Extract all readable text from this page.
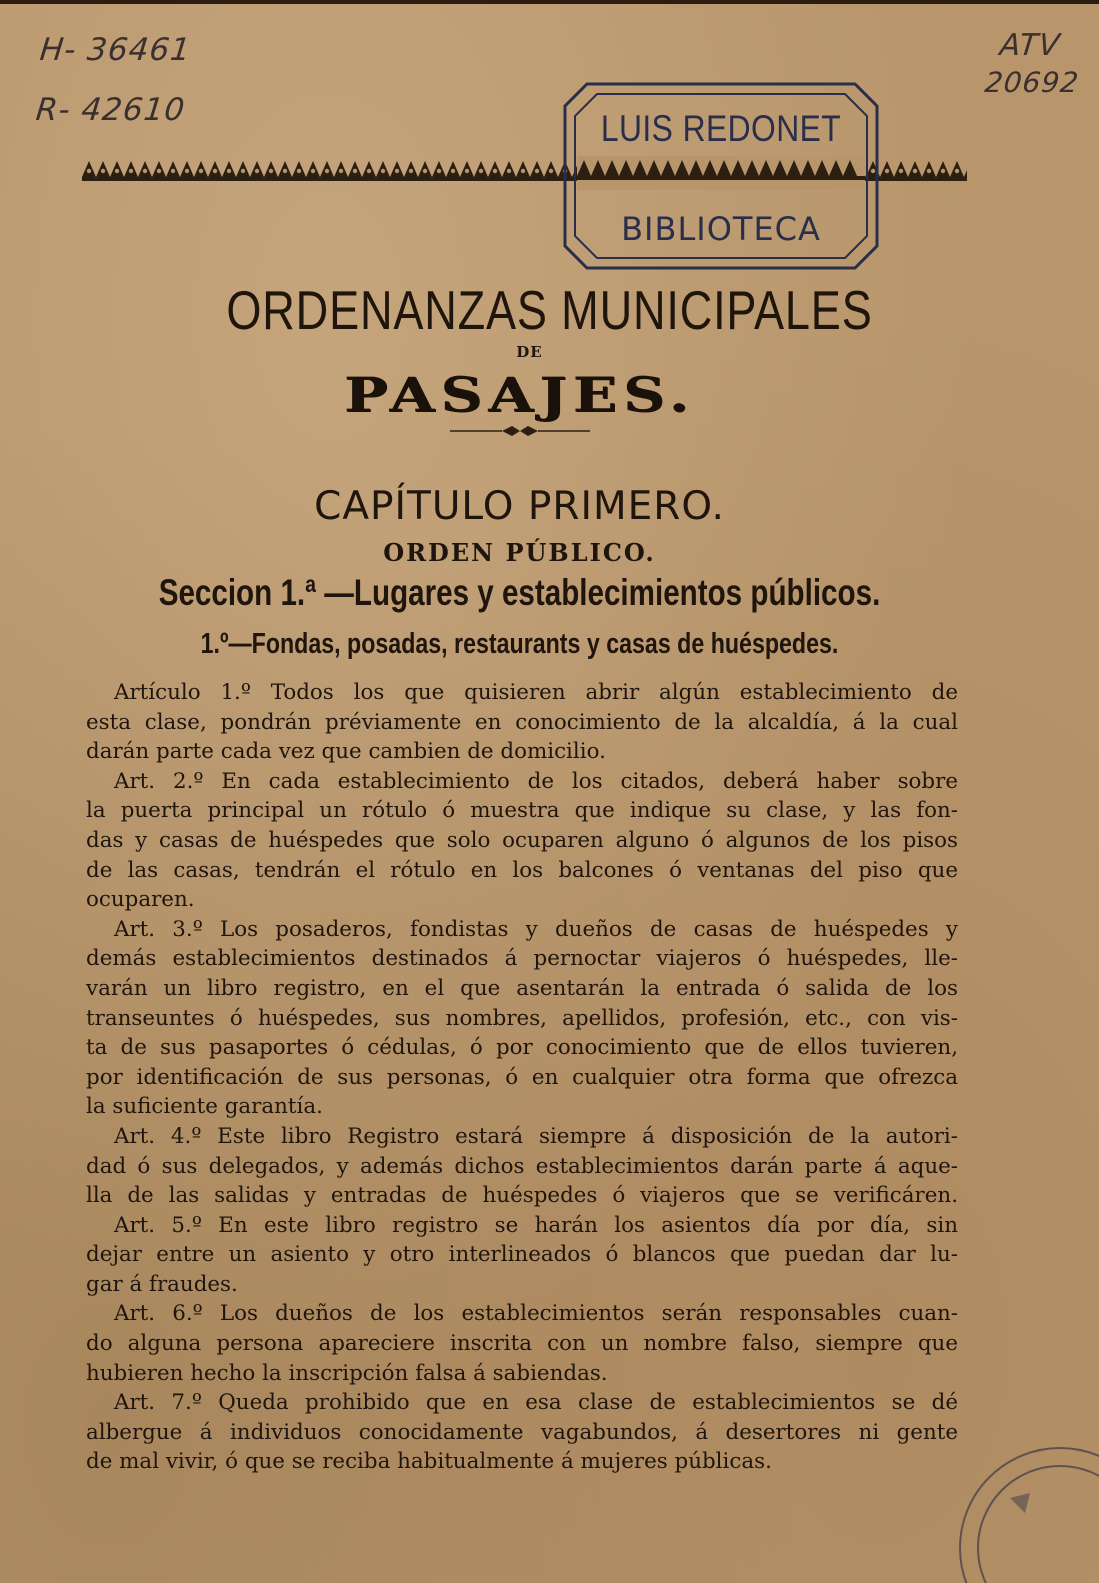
H- 36461
R- 42610
ATV
20692
LUIS REDONET
BIBLIOTECA
ORDENANZAS MUNICIPALES
DE
PASAJES.
CAPÍTULO PRIMERO.
ORDEN PÚBLICO.
Seccion 1.ª —Lugares y establecimientos públicos.
1.º—Fondas, posadas, restaurants y casas de huéspedes.
Artículo 1.º Todos los que quisieren abrir algún establecimiento de
esta clase, pondrán préviamente en conocimiento de la alcaldía, á la cual
darán parte cada vez que cambien de domicilio.
Art. 2.º En cada establecimiento de los citados, deberá haber sobre
la puerta principal un rótulo ó muestra que indique su clase, y las fon-
das y casas de huéspedes que solo ocuparen alguno ó algunos de los pisos
de las casas, tendrán el rótulo en los balcones ó ventanas del piso que
ocuparen.
Art. 3.º Los posaderos, fondistas y dueños de casas de huéspedes y
demás establecimientos destinados á pernoctar viajeros ó huéspedes, lle-
varán un libro registro, en el que asentarán la entrada ó salida de los
transeuntes ó huéspedes, sus nombres, apellidos, profesión, etc., con vis-
ta de sus pasaportes ó cédulas, ó por conocimiento que de ellos tuvieren,
por identificación de sus personas, ó en cualquier otra forma que ofrezca
la suficiente garantía.
Art. 4.º Este libro Registro estará siempre á disposición de la autori-
dad ó sus delegados, y además dichos establecimientos darán parte á aque-
lla de las salidas y entradas de huéspedes ó viajeros que se verificáren.
Art. 5.º En este libro registro se harán los asientos día por día, sin
dejar entre un asiento y otro interlineados ó blancos que puedan dar lu-
gar á fraudes.
Art. 6.º Los dueños de los establecimientos serán responsables cuan-
do alguna persona apareciere inscrita con un nombre falso, siempre que
hubieren hecho la inscripción falsa á sabiendas.
Art. 7.º Queda prohibido que en esa clase de establecimientos se dé
albergue á individuos conocidamente vagabundos, á desertores ni gente
de mal vivir, ó que se reciba habitualmente á mujeres públicas.
